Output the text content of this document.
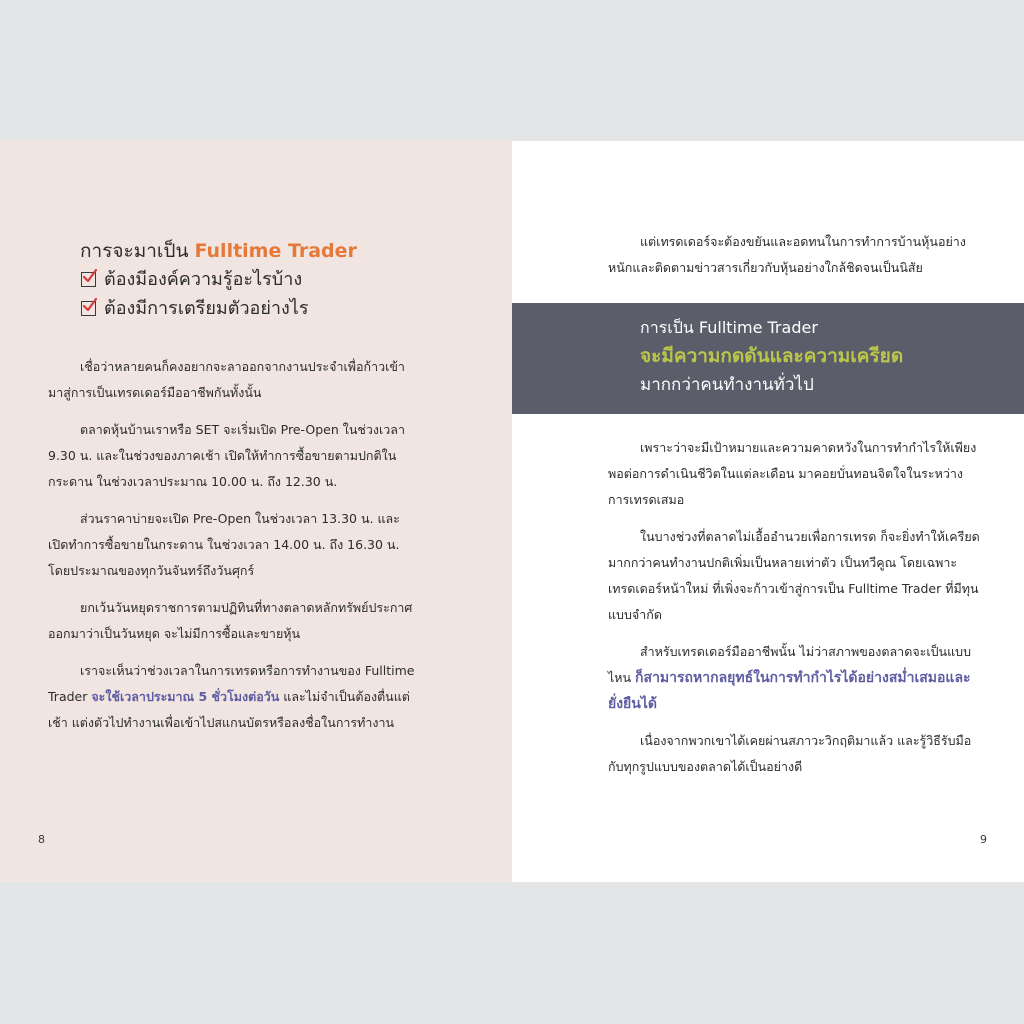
การจะมาเป็น Fulltime Trader
ต้องมีองค์ความรู้อะไรบ้าง
ต้องมีการเตรียมตัวอย่างไร

เชื่อว่าหลายคนก็คงอยากจะลาออกจากงานประจำเพื่อก้าวเข้ามาสู่การเป็นเทรดเดอร์มืออาชีพกันทั้งนั้น

ตลาดหุ้นบ้านเราหรือ SET จะเริ่มเปิด Pre-Open ในช่วงเวลา 9.30 น. และในช่วงของภาคเช้า เปิดให้ทำการซื้อขายตามปกติในกระดาน ในช่วงเวลาประมาณ 10.00 น. ถึง 12.30 น.

ส่วนราคาบ่ายจะเปิด Pre-Open ในช่วงเวลา 13.30 น. และเปิดทำการซื้อขายในกระดาน ในช่วงเวลา 14.00 น. ถึง 16.30 น. โดยประมาณของทุกวันจันทร์ถึงวันศุกร์

ยกเว้นวันหยุดราชการตามปฏิทินที่ทางตลาดหลักทรัพย์ประกาศออกมาว่าเป็นวันหยุด จะไม่มีการซื้อและขายหุ้น

เราจะเห็นว่าช่วงเวลาในการเทรดหรือการทำงานของ Fulltime Trader จะใช้เวลาประมาณ 5 ชั่วโมงต่อวัน และไม่จำเป็นต้องตื่นแต่เช้า แต่งตัวไปทำงานเพื่อเข้าไปสแกนบัตรหรือลงชื่อในการทำงาน

8
การเป็น Fulltime Trader
จะมีความกดดันและความเครียด
มากกว่าคนทำงานทั่วไป

แต่เทรดเดอร์จะต้องขยันและอดทนในการทำการบ้านหุ้นอย่างหนักและติดตามข่าวสารเกี่ยวกับหุ้นอย่างใกล้ชิดจนเป็นนิสัย

เพราะว่าจะมีเป้าหมายและความคาดหวังในการทำกำไรให้เพียงพอต่อการดำเนินชีวิตในแต่ละเดือน มาคอยบั่นทอนจิตใจในระหว่างการเทรดเสมอ

ในบางช่วงที่ตลาดไม่เอื้ออำนวยเพื่อการเทรด ก็จะยิ่งทำให้เครียดมากกว่าคนทำงานปกติเพิ่มเป็นหลายเท่าตัว เป็นทวีคูณ โดยเฉพาะเทรดเดอร์หน้าใหม่ ที่เพิ่งจะก้าวเข้าสู่การเป็น Fulltime Trader ที่มีทุนแบบจำกัด

สำหรับเทรดเดอร์มืออาชีพนั้น ไม่ว่าสภาพของตลาดจะเป็นแบบไหน ก็สามารถหากลยุทธ์ในการทำกำไรได้อย่างสม่ำเสมอและยั่งยืนได้

เนื่องจากพวกเขาได้เคยผ่านสภาวะวิกฤติมาแล้ว และรู้วิธีรับมือกับทุกรูปแบบของตลาดได้เป็นอย่างดี

9
